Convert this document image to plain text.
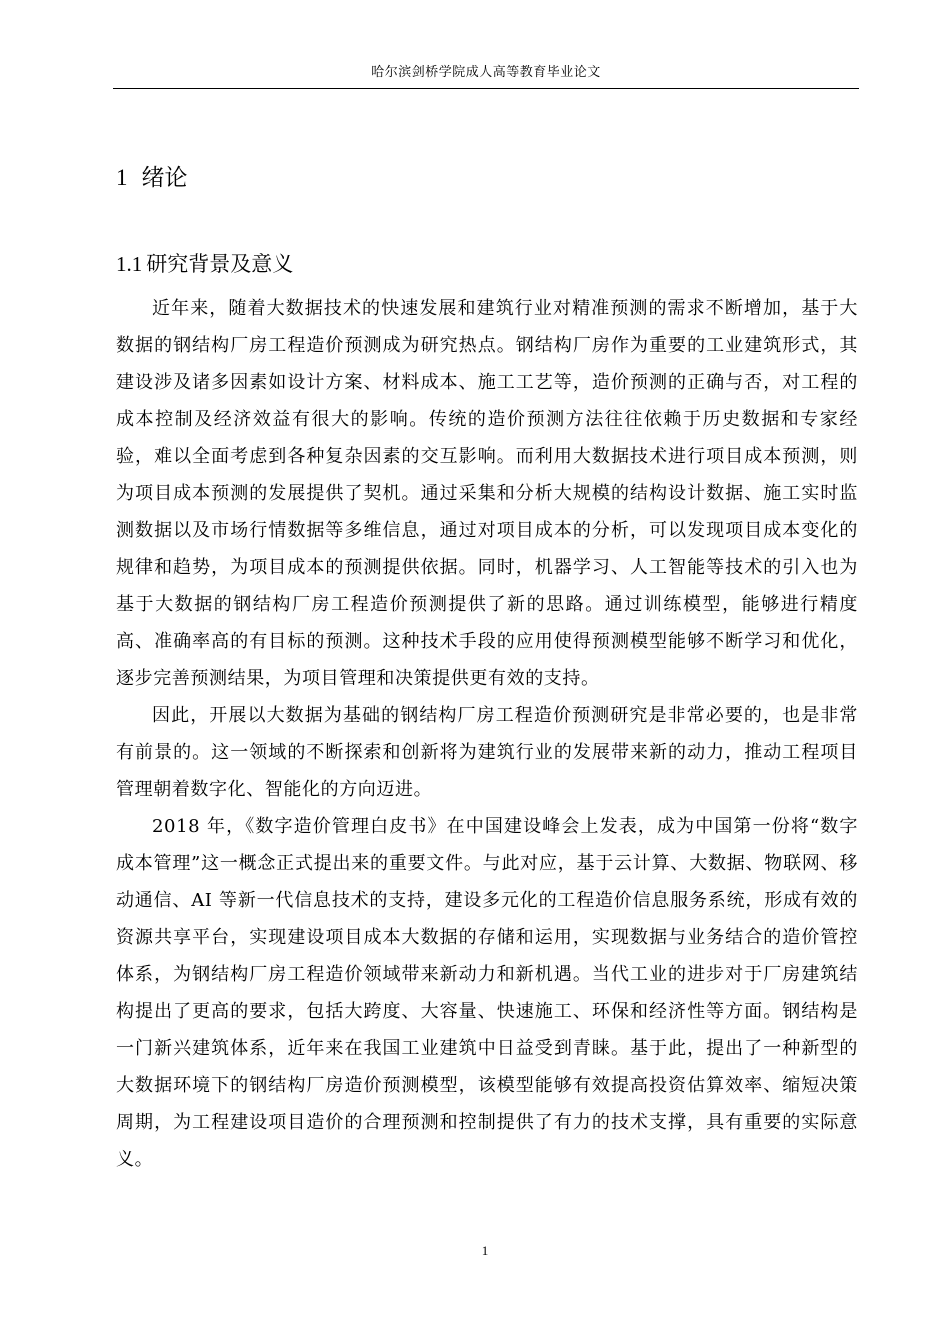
哈尔滨剑桥学院成人高等教育毕业论文
1 绪论
1.1 研究背景及意义

近年来，随着大数据技术的快速发展和建筑行业对精准预测的需求不断增加，基于大数据的钢结构厂房工程造价预测成为研究热点。钢结构厂房作为重要的工业建筑形式，其建设涉及诸多因素如设计方案、材料成本、施工工艺等，造价预测的正确与否，对工程的成本控制及经济效益有很大的影响。传统的造价预测方法往往依赖于历史数据和专家经验，难以全面考虑到各种复杂因素的交互影响。而利用大数据技术进行项目成本预测，则为项目成本预测的发展提供了契机。通过采集和分析大规模的结构设计数据、施工实时监测数据以及市场行情数据等多维信息，通过对项目成本的分析，可以发现项目成本变化的规律和趋势，为项目成本的预测提供依据。同时，机器学习、人工智能等技术的引入也为基于大数据的钢结构厂房工程造价预测提供了新的思路。通过训练模型，能够进行精度高、准确率高的有目标的预测。这种技术手段的应用使得预测模型能够不断学习和优化，逐步完善预测结果，为项目管理和决策提供更有效的支持。

因此，开展以大数据为基础的钢结构厂房工程造价预测研究是非常必要的，也是非常有前景的。这一领域的不断探索和创新将为建筑行业的发展带来新的动力，推动工程项目管理朝着数字化、智能化的方向迈进。

2018 年，《数字造价管理白皮书》在中国建设峰会上发表，成为中国第一份将“数字成本管理”这一概念正式提出来的重要文件。与此对应，基于云计算、大数据、物联网、移动通信、AI 等新一代信息技术的支持，建设多元化的工程造价信息服务系统，形成有效的资源共享平台，实现建设项目成本大数据的存储和运用，实现数据与业务结合的造价管控体系，为钢结构厂房工程造价领域带来新动力和新机遇。当代工业的进步对于厂房建筑结构提出了更高的要求，包括大跨度、大容量、快速施工、环保和经济性等方面。钢结构是一门新兴建筑体系，近年来在我国工业建筑中日益受到青睐。基于此，提出了一种新型的大数据环境下的钢结构厂房造价预测模型，该模型能够有效提高投资估算效率、缩短决策周期，为工程建设项目造价的合理预测和控制提供了有力的技术支撑，具有重要的实际意义。

1
